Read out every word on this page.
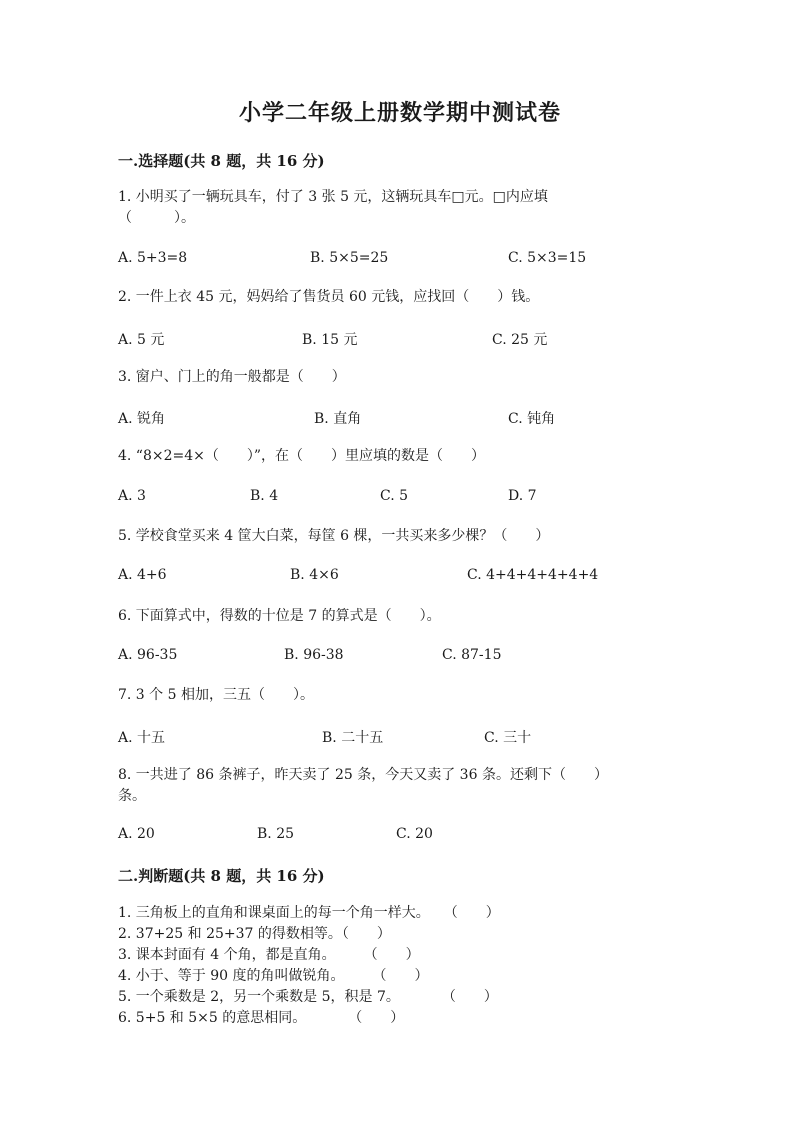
小学二年级上册数学期中测试卷
一.选择题(共 8 题，共 16 分)
1. 小明买了一辆玩具车，付了 3 张 5 元，这辆玩具车□元。□内应填
（　　　）。
A. 5+3=8	B. 5×5=25	C. 5×3=15
2. 一件上衣 45 元，妈妈给了售货员 60 元钱，应找回（　　）钱。
A. 5 元	B. 15 元	C. 25 元
3. 窗户、门上的角一般都是（　　）
A. 锐角	B. 直角	C. 钝角
4. “8×2=4×（　　）”，在（　　）里应填的数是（　　）
A. 3	B. 4	C. 5	D. 7
5. 学校食堂买来 4 筐大白菜，每筐 6 棵，一共买来多少棵？（　　）
A. 4+6	B. 4×6	C. 4+4+4+4+4+4
6. 下面算式中，得数的十位是 7 的算式是（　　）。
A. 96-35	B. 96-38	C. 87-15
7. 3 个 5 相加，三五（　　）。
A. 十五	B. 二十五	C. 三十
8. 一共进了 86 条裤子，昨天卖了 25 条，今天又卖了 36 条。还剩下（　　）
条。
A. 20	B. 25	C. 20
二.判断题(共 8 题，共 16 分)
1. 三角板上的直角和课桌面上的每一个角一样大。　　（　　）
2. 37+25 和 25+37 的得数相等。（　　）
3. 课本封面有 4 个角，都是直角。　　　（　　）
4. 小于、等于 90 度的角叫做锐角。　　　（　　）
5. 一个乘数是 2，另一个乘数是 5，积是 7。　　　　（　　）
6. 5+5 和 5×5 的意思相同。　　　　（　　）
